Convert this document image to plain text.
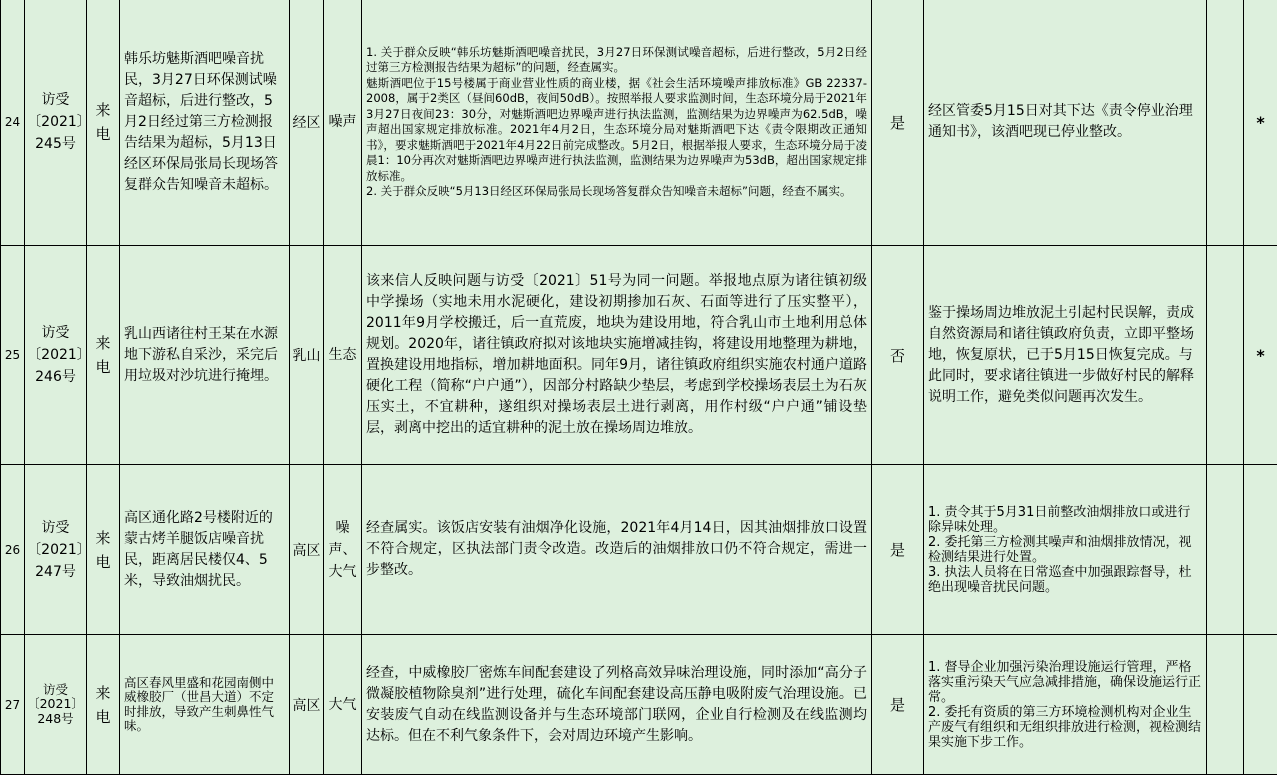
24	访受〔2021〕245号	来电	韩乐坊魅斯酒吧噪音扰民，3月27日环保测试噪音超标，后进行整改，5月2日经过第三方检测报告结果为超标，5月13日经区环保局张局长现场答复群众告知噪音未超标。	经区	噪声	1. 关于群众反映“韩乐坊魅斯酒吧噪音扰民，3月27日环保测试噪音超标，后进行整改，5月2日经过第三方检测报告结果为超标”的问题，经查属实。
魅斯酒吧位于15号楼属于商业营业性质的商业楼，据《社会生活环境噪声排放标准》GB 22337-2008，属于2类区（昼间60dB，夜间50dB）。按照举报人要求监测时间，生态环境分局于2021年3月27日夜间23：30分，对魅斯酒吧边界噪声进行执法监测，监测结果为边界噪声为62.5dB，噪声超出国家规定排放标准。2021年4月2日，生态环境分局对魅斯酒吧下达《责令限期改正通知书》，要求魅斯酒吧于2021年4月22日前完成整改。5月2日，根据举报人要求，生态环境分局于凌晨1：10分再次对魅斯酒吧边界噪声进行执法监测，监测结果为边界噪声为53dB，超出国家规定排放标准。
2. 关于群众反映“5月13日经区环保局张局长现场答复群众告知噪音未超标”问题，经查不属实。	是	经区管委5月15日对其下达《责令停业治理通知书》，该酒吧现已停业整改。		*
25	访受〔2021〕246号	来电	乳山西诸往村王某在水源地下游私自采沙，采完后用垃圾对沙坑进行掩埋。	乳山	生态	该来信人反映问题与访受〔2021〕51号为同一问题。举报地点原为诸往镇初级中学操场（实地未用水泥硬化，建设初期掺加石灰、石面等进行了压实整平），2011年9月学校搬迁，后一直荒废，地块为建设用地，符合乳山市土地利用总体规划。2020年，诸往镇政府拟对该地块实施增减挂钩，将建设用地整理为耕地，置换建设用地指标，增加耕地面积。同年9月，诸往镇政府组织实施农村通户道路硬化工程（简称“户户通”），因部分村路缺少垫层，考虑到学校操场表层土为石灰压实土，不宜耕种，遂组织对操场表层土进行剥离，用作村级“户户通”铺设垫层，剥离中挖出的适宜耕种的泥土放在操场周边堆放。	否	鉴于操场周边堆放泥土引起村民误解，责成自然资源局和诸往镇政府负责，立即平整场地，恢复原状，已于5月15日恢复完成。与此同时，要求诸往镇进一步做好村民的解释说明工作，避免类似问题再次发生。		*
26	访受〔2021〕247号	来电	高区通化路2号楼附近的蒙古烤羊腿饭店噪音扰民，距离居民楼仅4、5米，导致油烟扰民。	高区	噪声、大气	经查属实。该饭店安装有油烟净化设施，2021年4月14日，因其油烟排放口设置不符合规定，区执法部门责令改造。改造后的油烟排放口仍不符合规定，需进一步整改。	是	1. 责令其于5月31日前整改油烟排放口或进行除异味处理。
2. 委托第三方检测其噪声和油烟排放情况，视检测结果进行处置。
3. 执法人员将在日常巡查中加强跟踪督导，杜绝出现噪音扰民问题。		

27	访受〔2021〕248号	来电	高区春风里盛和花园南侧中威橡胶厂（世昌大道）不定时排放，导致产生刺鼻性气味。	高区	大气	经查，中威橡胶厂密炼车间配套建设了列格高效异味治理设施，同时添加“高分子微凝胶植物除臭剂”进行处理，硫化车间配套建设高压静电吸附废气治理设施。已安装废气自动在线监测设备并与生态环境部门联网，企业自行检测及在线监测均达标。但在不利气象条件下，会对周边环境产生影响。	是	1. 督导企业加强污染治理设施运行管理，严格落实重污染天气应急减排措施，确保设施运行正常。
2. 委托有资质的第三方环境检测机构对企业生产废气有组织和无组织排放进行检测，视检测结果实施下步工作。		
